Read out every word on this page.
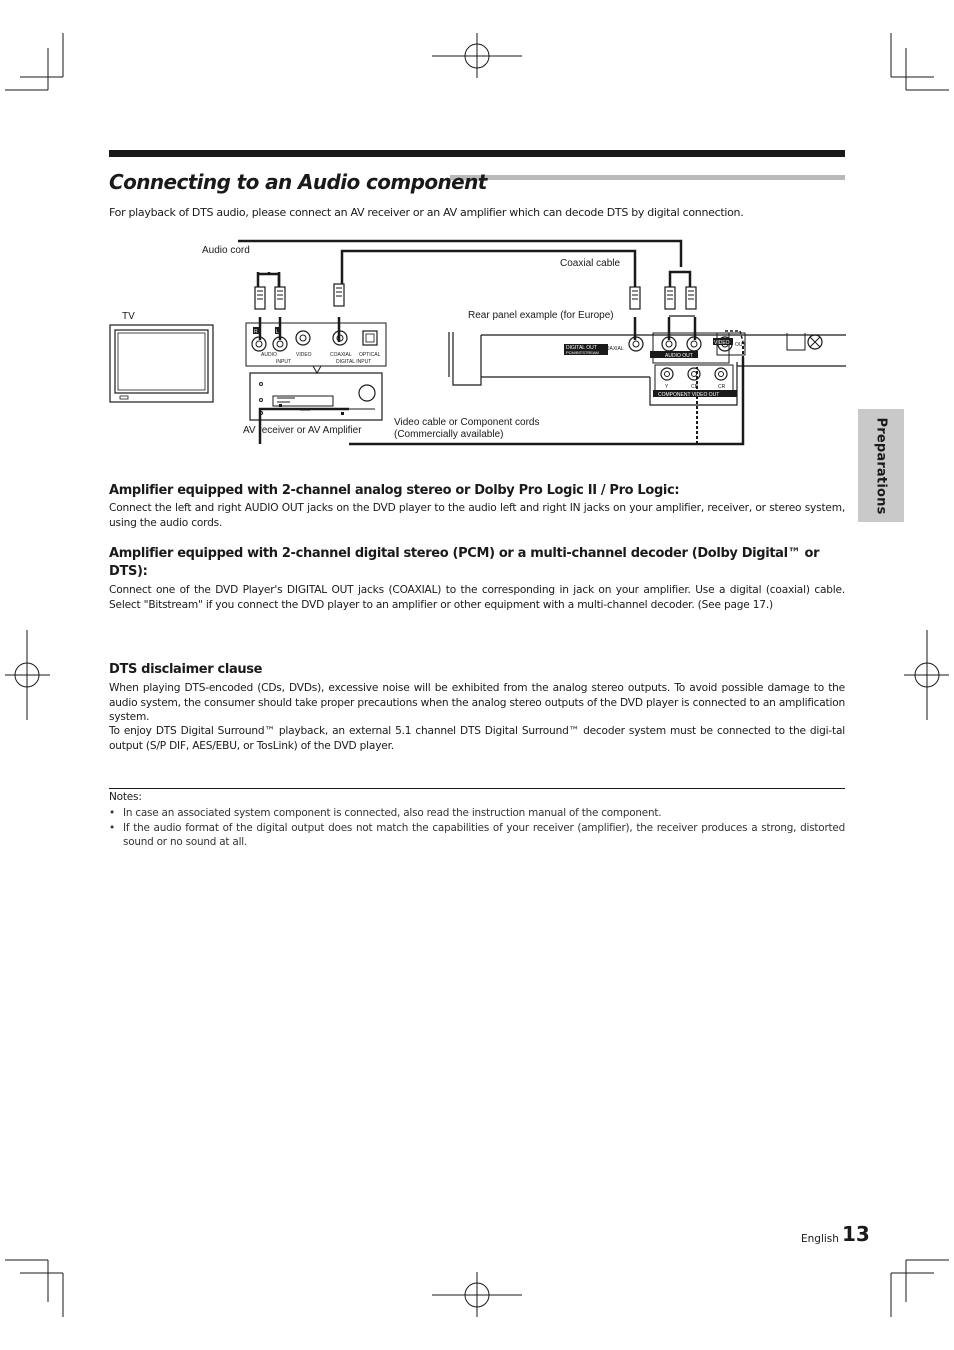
Connecting to an Audio component
For playback of DTS audio, please connect an AV receiver or an AV amplifier which can decode DTS by digital connection.
Audio cord
Coaxial cable
TV	Rear panel example (for Europe)
AV receiver or AV Amplifier
Video cable or Component cords
(Commercially available)
R	L
AUDIO
INPUT
VIDEO	COAXIAL OPTICAL
DIGITAL INPUT
DIGITAL OUT
PCM/BITSTREAM
COAXIAL
AUDIO OUT
VIDEO OUT
Y	CB	CR
COMPONENT VIDEO OUT
Preparations
Amplifier equipped with 2-channel analog stereo or Dolby Pro Logic II / Pro Logic:

Connect the left and right AUDIO OUT jacks on the DVD player to the audio left and right IN jacks on your amplifier, receiver, or stereo system, using the audio cords.

Amplifier equipped with 2-channel digital stereo (PCM) or a multi-channel decoder (Dolby Digital™ or DTS):

Connect one of the DVD Player's DIGITAL OUT jacks (COAXIAL) to the corresponding in jack on your amplifier. Use a digital (coaxial) cable. Select "Bitstream" if you connect the DVD player to an amplifier or other equipment with a multi-channel decoder. (See page 17.)

DTS disclaimer clause

When playing DTS-encoded (CDs, DVDs), excessive noise will be exhibited from the analog stereo outputs. To avoid possible damage to the audio system, the consumer should take proper precautions when the analog stereo outputs of the DVD player is connected to an amplification system.

To enjoy DTS Digital Surround™ playback, an external 5.1 channel DTS Digital Surround™ decoder system must be connected to the digi-tal output (S/P DIF, AES/EBU, or TosLink) of the DVD player.

Notes:
• In case an associated system component is connected, also read the instruction manual of the component.
• If the audio format of the digital output does not match the capabilities of your receiver (amplifier), the receiver produces a strong, distorted sound or no sound at all.
English 13
